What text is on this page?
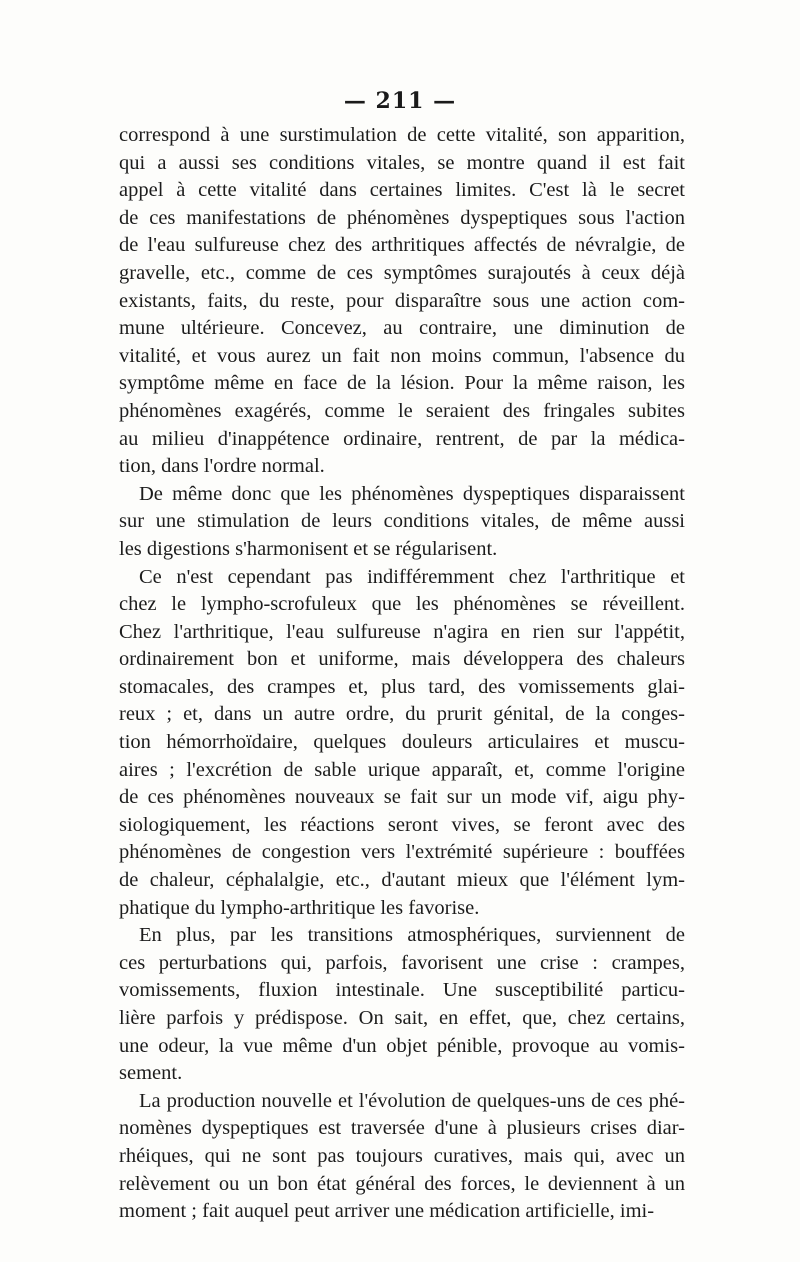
— 211 —
correspond à une surstimulation de cette vitalité, son apparition,
qui a aussi ses conditions vitales, se montre quand il est fait
appel à cette vitalité dans certaines limites. C'est là le secret
de ces manifestations de phénomènes dyspeptiques sous l'action
de l'eau sulfureuse chez des arthritiques affectés de névralgie, de
gravelle, etc., comme de ces symptômes surajoutés à ceux déjà
existants, faits, du reste, pour disparaître sous une action com-
mune ultérieure. Concevez, au contraire, une diminution de
vitalité, et vous aurez un fait non moins commun, l'absence du
symptôme même en face de la lésion. Pour la même raison, les
phénomènes exagérés, comme le seraient des fringales subites
au milieu d'inappétence ordinaire, rentrent, de par la médica-
tion, dans l'ordre normal.
De même donc que les phénomènes dyspeptiques disparaissent
sur une stimulation de leurs conditions vitales, de même aussi
les digestions s'harmonisent et se régularisent.
Ce n'est cependant pas indifféremment chez l'arthritique et
chez le lympho-scrofuleux que les phénomènes se réveillent.
Chez l'arthritique, l'eau sulfureuse n'agira en rien sur l'appétit,
ordinairement bon et uniforme, mais développera des chaleurs
stomacales, des crampes et, plus tard, des vomissements glai-
reux ; et, dans un autre ordre, du prurit génital, de la conges-
tion hémorrhoïdaire, quelques douleurs articulaires et muscu-
aires ; l'excrétion de sable urique apparaît, et, comme l'origine
de ces phénomènes nouveaux se fait sur un mode vif, aigu phy-
siologiquement, les réactions seront vives, se feront avec des
phénomènes de congestion vers l'extrémité supérieure : bouffées
de chaleur, céphalalgie, etc., d'autant mieux que l'élément lym-
phatique du lympho-arthritique les favorise.
En plus, par les transitions atmosphériques, surviennent de
ces perturbations qui, parfois, favorisent une crise : crampes,
vomissements, fluxion intestinale. Une susceptibilité particu-
lière parfois y prédispose. On sait, en effet, que, chez certains,
une odeur, la vue même d'un objet pénible, provoque au vomis-
sement.
La production nouvelle et l'évolution de quelques-uns de ces phé-
nomènes dyspeptiques est traversée d'une à plusieurs crises diar-
rhéiques, qui ne sont pas toujours curatives, mais qui, avec un
relèvement ou un bon état général des forces, le deviennent à un
moment ; fait auquel peut arriver une médication artificielle, imi-
